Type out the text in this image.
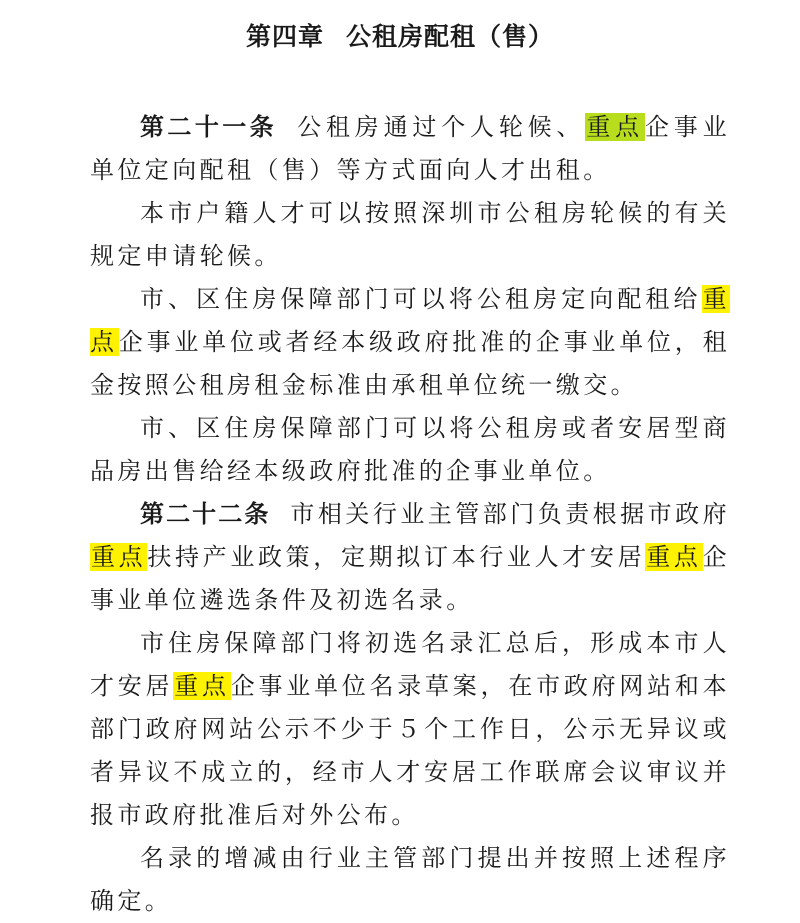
第四章 公租房配租（售）

第二十一条 公租房通过个人轮候、重点企事业单位定向配租（售）等方式面向人才出租。

本市户籍人才可以按照深圳市公租房轮候的有关规定申请轮候。

市、区住房保障部门可以将公租房定向配租给重点企事业单位或者经本级政府批准的企事业单位，租金按照公租房租金标准由承租单位统一缴交。

市、区住房保障部门可以将公租房或者安居型商品房出售给经本级政府批准的企事业单位。

第二十二条 市相关行业主管部门负责根据市政府重点扶持产业政策，定期拟订本行业人才安居重点企事业单位遴选条件及初选名录。

市住房保障部门将初选名录汇总后，形成本市人才安居重点企事业单位名录草案，在市政府网站和本部门政府网站公示不少于５个工作日，公示无异议或者异议不成立的，经市人才安居工作联席会议审议并报市政府批准后对外公布。

名录的增减由行业主管部门提出并按照上述程序确定。
